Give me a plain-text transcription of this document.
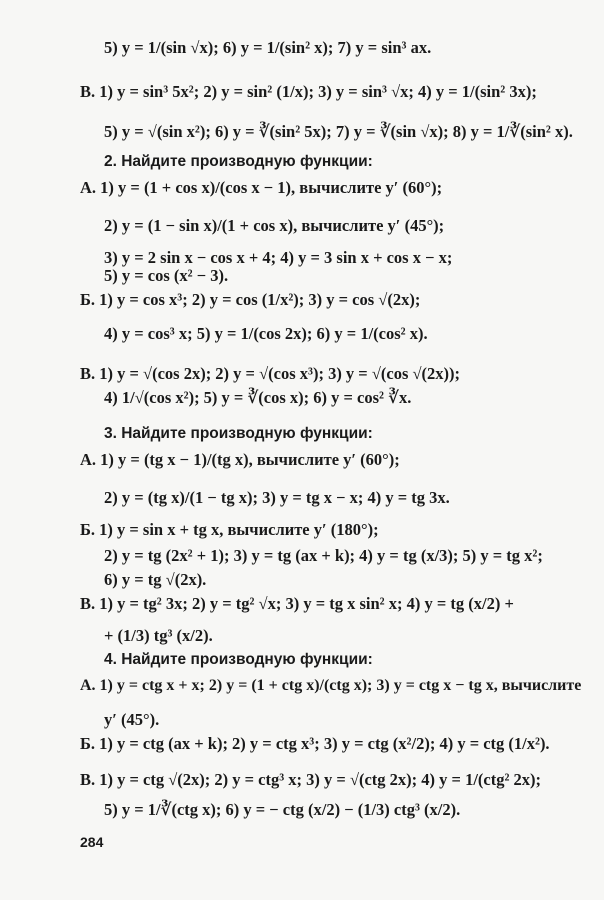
5) y = 1/(sin √x); 6) y = 1/(sin² x); 7) y = sin³ ax.
В. 1) y = sin³ 5x²; 2) y = sin² (1/x); 3) y = sin³ √x; 4) y = 1/(sin² 3x);
5) y = √(sin x²); 6) y = ∛(sin² 5x); 7) y = ∛(sin √x); 8) y = 1/∛(sin² x).
2. Найдите производную функции:
А. 1) y = (1 + cos x)/(cos x − 1), вычислите y′ (60°);
2) y = (1 − sin x)/(1 + cos x), вычислите y′ (45°);
3) y = 2 sin x − cos x + 4; 4) y = 3 sin x + cos x − x;
5) y = cos (x² − 3).
Б. 1) y = cos x³; 2) y = cos (1/x²); 3) y = cos √(2x);
4) y = cos³ x; 5) y = 1/(cos 2x); 6) y = 1/(cos² x).
В. 1) y = √(cos 2x); 2) y = √(cos x³); 3) y = √(cos √(2x));
4) 1/√(cos x²); 5) y = ∛(cos x); 6) y = cos² ∛x.
3. Найдите производную функции:
А. 1) y = (tg x − 1)/(tg x), вычислите y′ (60°);
2) y = (tg x)/(1 − tg x); 3) y = tg x − x; 4) y = tg 3x.
Б. 1) y = sin x + tg x, вычислите y′ (180°);
2) y = tg (2x² + 1); 3) y = tg (ax + k); 4) y = tg (x/3); 5) y = tg x²;
6) y = tg √(2x).
В. 1) y = tg² 3x; 2) y = tg² √x; 3) y = tg x sin² x; 4) y = tg (x/2) +
+ (1/3) tg³ (x/2).
4. Найдите производную функции:
А. 1) y = ctg x + x; 2) y = (1 + ctg x)/(ctg x); 3) y = ctg x − tg x, вычислите
y′ (45°).
Б. 1) y = ctg (ax + k); 2) y = ctg x³; 3) y = ctg (x²/2); 4) y = ctg (1/x²).
В. 1) y = ctg √(2x); 2) y = ctg³ x; 3) y = √(ctg 2x); 4) y = 1/(ctg² 2x);
5) y = 1/∛(ctg x); 6) y = − ctg (x/2) − (1/3) ctg³ (x/2).
284
